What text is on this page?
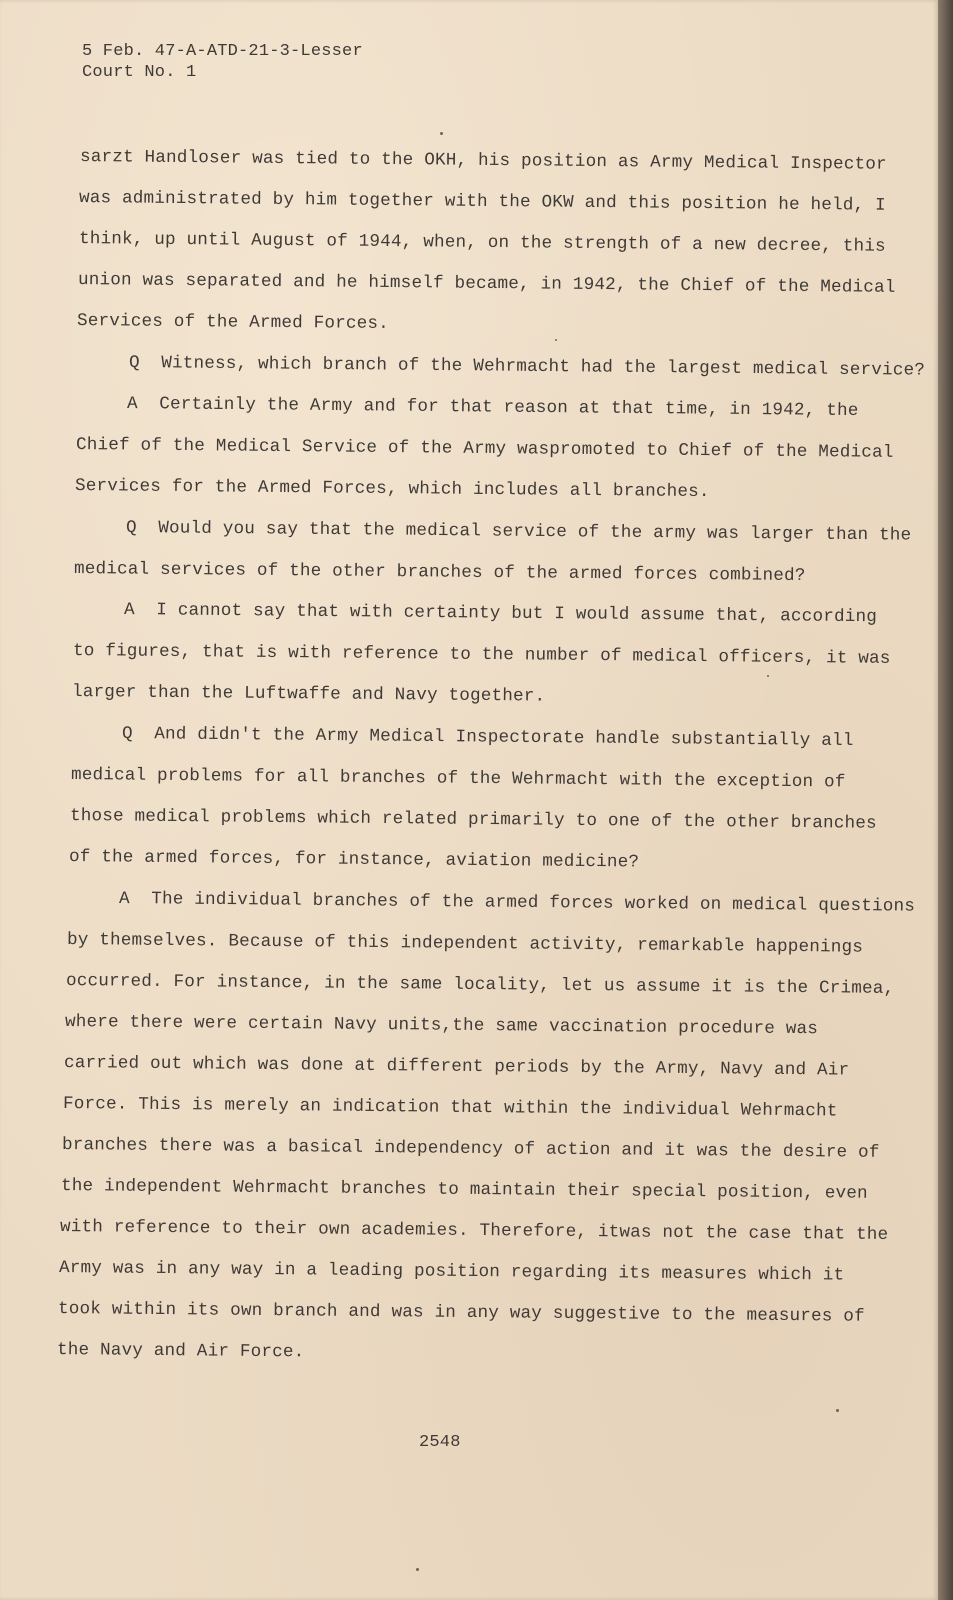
5 Feb. 47-A-ATD-21-3-Lesser
Court No. 1
sarzt Handloser was tied to the OKH, his position as Army Medical Inspector
was administrated by him together with the OKW and this position he held, I
think, up until August of 1944, when, on the strength of a new decree, this
union was separated and he himself became, in 1942, the Chief of the Medical
Services of the Armed Forces.
Q  Witness, which branch of the Wehrmacht had the largest medical service?
A  Certainly the Army and for that reason at that time, in 1942, the
Chief of the Medical Service of the Army waspromoted to Chief of the Medical
Services for the Armed Forces, which includes all branches.
Q  Would you say that the medical service of the army was larger than the
medical services of the other branches of the armed forces combined?
A  I cannot say that with certainty but I would assume that, according
to figures, that is with reference to the number of medical officers, it was
larger than the Luftwaffe and Navy together.
Q  And didn't the Army Medical Inspectorate handle substantially all
medical problems for all branches of the Wehrmacht with the exception of
those medical problems which related primarily to one of the other branches
of the armed forces, for instance, aviation medicine?
A  The individual branches of the armed forces worked on medical questions
by themselves. Because of this independent activity, remarkable happenings
occurred. For instance, in the same locality, let us assume it is the Crimea,
where there were certain Navy units,the same vaccination procedure was
carried out which was done at different periods by the Army, Navy and Air
Force. This is merely an indication that within the individual Wehrmacht
branches there was a basical independency of action and it was the desire of
the independent Wehrmacht branches to maintain their special position, even
with reference to their own academies. Therefore, itwas not the case that the
Army was in any way in a leading position regarding its measures which it
took within its own branch and was in any way suggestive to the measures of
the Navy and Air Force.
2548
